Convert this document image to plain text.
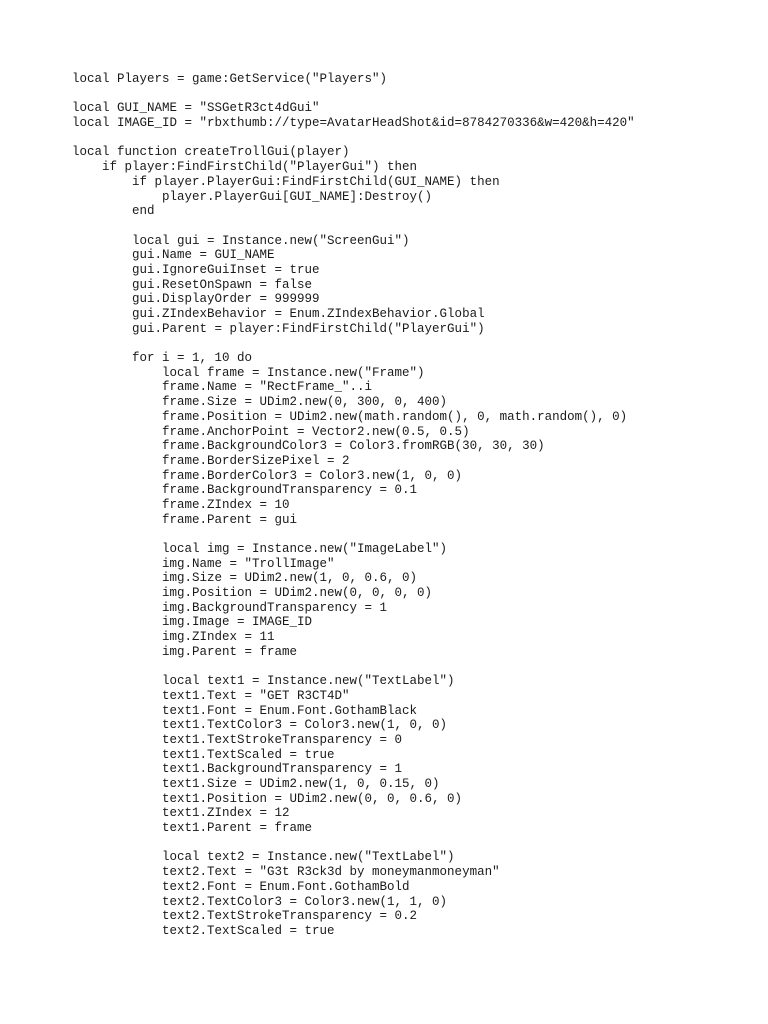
local Players = game:GetService("Players")
local GUI_NAME = "SSGetR3ct4dGui"
local IMAGE_ID = "rbxthumb://type=AvatarHeadShot&id=8784270336&w=420&h=420"
local function createTrollGui(player)
if player:FindFirstChild("PlayerGui") then
if player.PlayerGui:FindFirstChild(GUI_NAME) then
player.PlayerGui[GUI_NAME]:Destroy()
end
local gui = Instance.new("ScreenGui")
gui.Name = GUI_NAME
gui.IgnoreGuiInset = true
gui.ResetOnSpawn = false
gui.DisplayOrder = 999999
gui.ZIndexBehavior = Enum.ZIndexBehavior.Global
gui.Parent = player:FindFirstChild("PlayerGui")
for i = 1, 10 do
local frame = Instance.new("Frame")
frame.Name = "RectFrame_"..i
frame.Size = UDim2.new(0, 300, 0, 400)
frame.Position = UDim2.new(math.random(), 0, math.random(), 0)
frame.AnchorPoint = Vector2.new(0.5, 0.5)
frame.BackgroundColor3 = Color3.fromRGB(30, 30, 30)
frame.BorderSizePixel = 2
frame.BorderColor3 = Color3.new(1, 0, 0)
frame.BackgroundTransparency = 0.1
frame.ZIndex = 10
frame.Parent = gui
local img = Instance.new("ImageLabel")
img.Name = "TrollImage"
img.Size = UDim2.new(1, 0, 0.6, 0)
img.Position = UDim2.new(0, 0, 0, 0)
img.BackgroundTransparency = 1
img.Image = IMAGE_ID
img.ZIndex = 11
img.Parent = frame
local text1 = Instance.new("TextLabel")
text1.Text = "GET R3CT4D"
text1.Font = Enum.Font.GothamBlack
text1.TextColor3 = Color3.new(1, 0, 0)
text1.TextStrokeTransparency = 0
text1.TextScaled = true
text1.BackgroundTransparency = 1
text1.Size = UDim2.new(1, 0, 0.15, 0)
text1.Position = UDim2.new(0, 0, 0.6, 0)
text1.ZIndex = 12
text1.Parent = frame
local text2 = Instance.new("TextLabel")
text2.Text = "G3t R3ck3d by moneymanmoneyman"
text2.Font = Enum.Font.GothamBold
text2.TextColor3 = Color3.new(1, 1, 0)
text2.TextStrokeTransparency = 0.2
text2.TextScaled = true
